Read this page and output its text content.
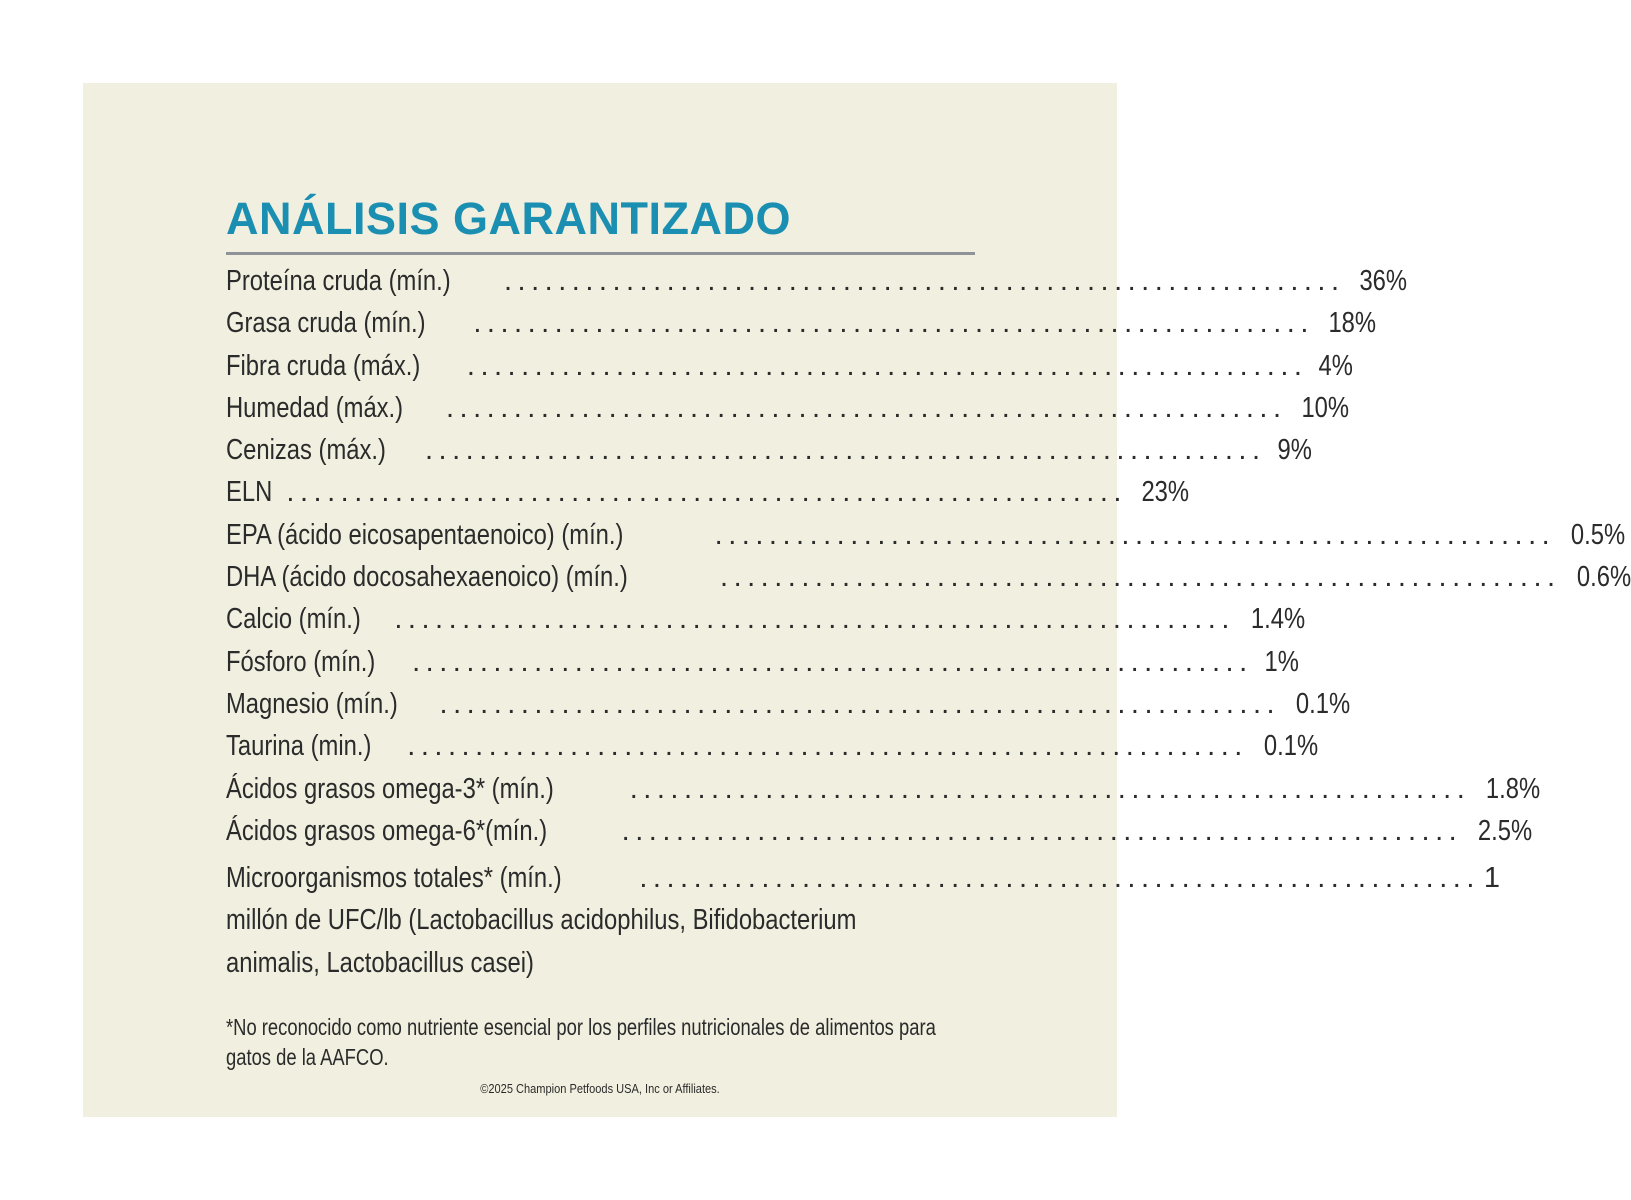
ANÁLISIS GARANTIZADO
Proteína cruda (mín.) .............................................................. 36%
Grasa cruda (mín.) .............................................................. 18%
Fibra cruda (máx.) .............................................................. 4%
Humedad (máx.) .............................................................. 10%
Cenizas (máx.) .............................................................. 9%
ELN .............................................................. 23%
EPA (ácido eicosapentaenoico) (mín.)	.............................................................. 0.5%
DHA (ácido docosahexaenoico) (mín.)	.............................................................. 0.6%
Calcio (mín.) .............................................................. 1.4%
Fósforo (mín.) .............................................................. 1%
Magnesio (mín.) .............................................................. 0.1%
Taurina (min.) .............................................................. 0.1%
Ácidos grasos omega-3* (mín.)	.............................................................. 1.8%
Ácidos grasos omega-6*(mín.)	.............................................................. 2.5%
Microorganismos totales* (mín.)	.............................................................. 1
millón de UFC/lb (Lactobacillus acidophilus, Bifidobacterium
animalis, Lactobacillus casei)
*No reconocido como nutriente esencial por los perfiles nutricionales de alimentos para gatos de la AAFCO.
©2025 Champion Petfoods USA, Inc or Affiliates.
